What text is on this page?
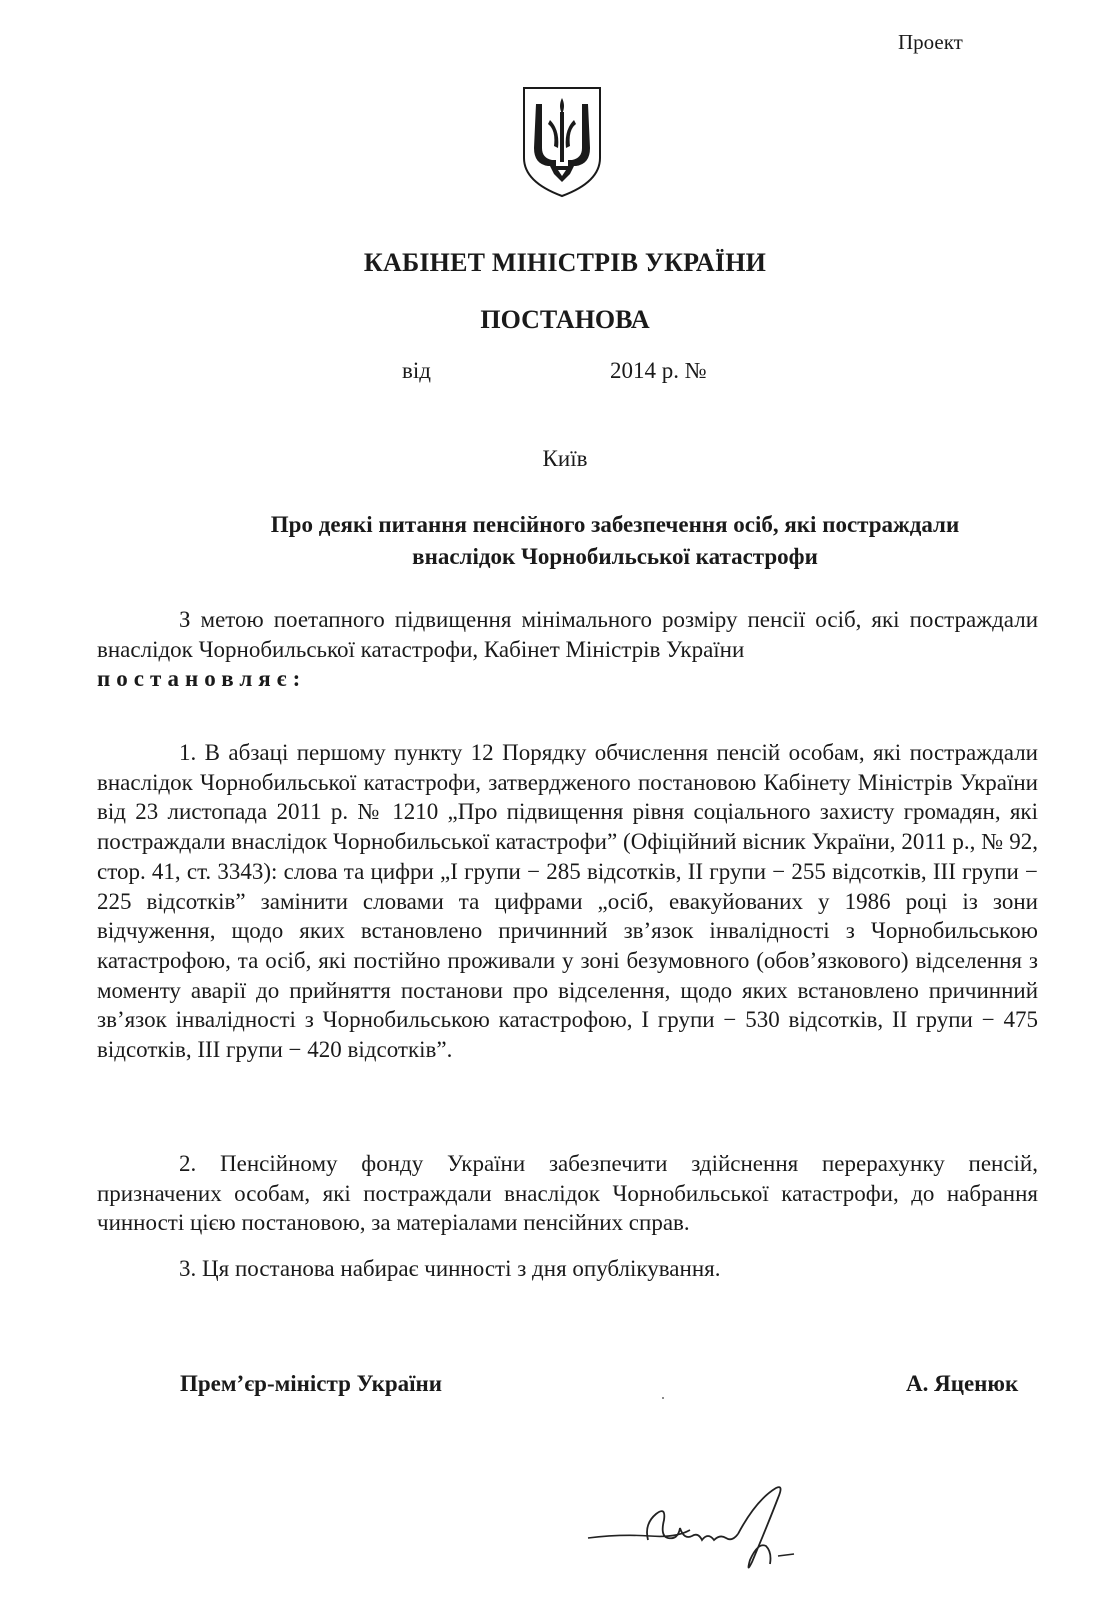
Проект
КАБІНЕТ МІНІСТРІВ УКРАЇНИ
ПОСТАНОВА
від	2014 р. №
Київ
Про деякі питання пенсійного забезпечення осіб, які постраждали
внаслідок Чорнобильської катастрофи
З метою поетапного підвищення мінімального розміру пенсії осіб, які постраждали внаслідок Чорнобильської катастрофи, Кабінет Міністрів України
постановляє:
1. В абзаці першому пункту 12 Порядку обчислення пенсій особам, які постраждали внаслідок Чорнобильської катастрофи, затвердженого постановою Кабінету Міністрів України від 23 листопада 2011 р. № 1210 „Про підвищення рівня соціального захисту громадян, які постраждали внаслідок Чорнобильської катастрофи” (Офіційний вісник України, 2011 р., № 92, стор. 41, ст. 3343): слова та цифри „I групи − 285 відсотків, II групи − 255 відсотків, III групи − 225 відсотків” замінити словами та цифрами „осіб, евакуйованих у 1986 році із зони відчуження, щодо яких встановлено причинний зв’язок інвалідності з Чорнобильською катастрофою, та осіб, які постійно проживали у зоні безумовного (обов’язкового) відселення з моменту аварії до прийняття постанови про відселення, щодо яких встановлено причинний зв’язок інвалідності з Чорнобильською катастрофою, I групи − 530 відсотків, II групи − 475 відсотків, III групи − 420 відсотків”.
2. Пенсійному фонду України забезпечити здійснення перерахунку пенсій, призначених особам, які постраждали внаслідок Чорнобильської катастрофи, до набрання чинності цією постановою, за матеріалами пенсійних справ.
3. Ця постанова набирає чинності з дня опублікування.
Прем’єр-міністр України	А. Яценюк
